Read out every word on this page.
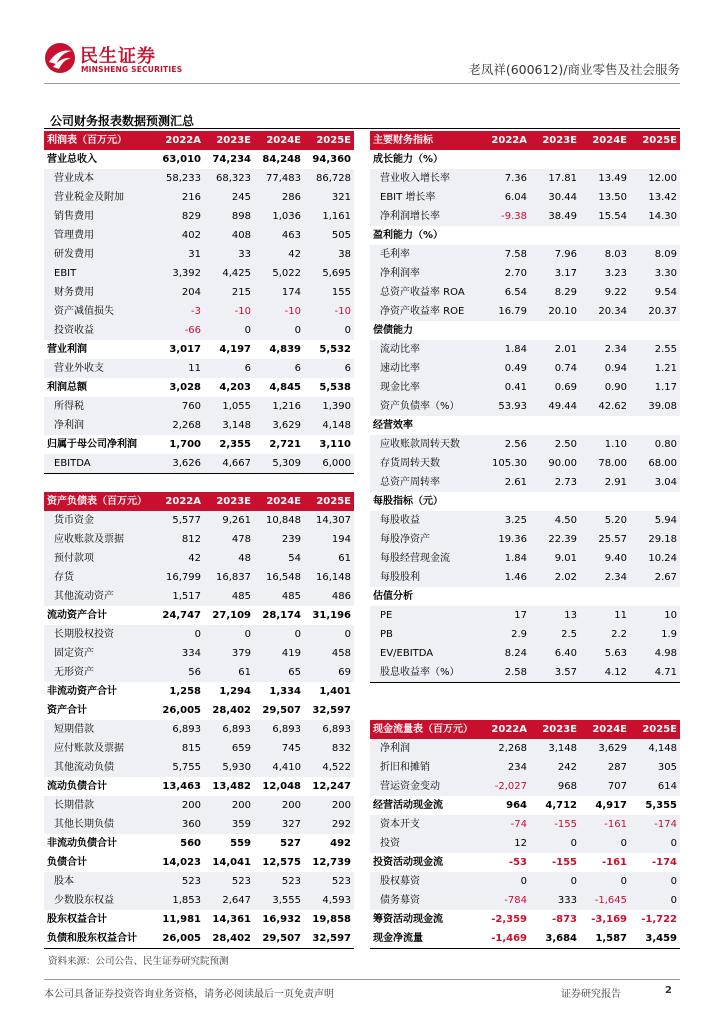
民生证券
MINSHENG SECURITIES	老凤祥(600612)/商业零售及社会服务
公司财务报表数据预测汇总
利润表（百万元）	2022A	2023E	2024E	2025E
营业总收入	63,010	74,234	84,248	94,360
营业成本	58,233	68,323	77,483	86,728
营业税金及附加	216	245	286	321
销售费用	829	898	1,036	1,161
管理费用	402	408	463	505
研发费用	31	33	42	38
EBIT	3,392	4,425	5,022	5,695
财务费用	204	215	174	155
资产减值损失	-3	-10	-10	-10
投资收益	-66	0	0	0
营业利润	3,017	4,197	4,839	5,532
营业外收支	11	6	6	6
利润总额	3,028	4,203	4,845	5,538
所得税	760	1,055	1,216	1,390
净利润	2,268	3,148	3,629	4,148
归属于母公司净利润	1,700	2,355	2,721	3,110
EBITDA	3,626	4,667	5,309	6,000
资产负债表（百万元）	2022A	2023E	2024E	2025E
货币资金	5,577	9,261	10,848	14,307
应收账款及票据	812	478	239	194
预付款项	42	48	54	61
存货	16,799	16,837	16,548	16,148
其他流动资产	1,517	485	485	486
流动资产合计	24,747	27,109	28,174	31,196
长期股权投资	0	0	0	0
固定资产	334	379	419	458
无形资产	56	61	65	69
非流动资产合计	1,258	1,294	1,334	1,401
资产合计	26,005	28,402	29,507	32,597
短期借款	6,893	6,893	6,893	6,893
应付账款及票据	815	659	745	832
其他流动负债	5,755	5,930	4,410	4,522
流动负债合计	13,463	13,482	12,048	12,247
长期借款	200	200	200	200
其他长期负债	360	359	327	292
非流动负债合计	560	559	527	492
负债合计	14,023	14,041	12,575	12,739
股本	523	523	523	523
少数股东权益	1,853	2,647	3,555	4,593
股东权益合计	11,981	14,361	16,932	19,858
负债和股东权益合计	26,005	28,402	29,507	32,597
主要财务指标	2022A	2023E	2024E	2025E
成长能力（%）				
营业收入增长率	7.36	17.81	13.49	12.00
EBIT 增长率	6.04	30.44	13.50	13.42
净利润增长率	-9.38	38.49	15.54	14.30
盈利能力（%）				
毛利率	7.58	7.96	8.03	8.09
净利润率	2.70	3.17	3.23	3.30
总资产收益率 ROA	6.54	8.29	9.22	9.54
净资产收益率 ROE	16.79	20.10	20.34	20.37
偿债能力				
流动比率	1.84	2.01	2.34	2.55
速动比率	0.49	0.74	0.94	1.21
现金比率	0.41	0.69	0.90	1.17
资产负债率（%）	53.93	49.44	42.62	39.08
经营效率				
应收账款周转天数	2.56	2.50	1.10	0.80
存货周转天数	105.30	90.00	78.00	68.00
总资产周转率	2.61	2.73	2.91	3.04
每股指标（元）				
每股收益	3.25	4.50	5.20	5.94
每股净资产	19.36	22.39	25.57	29.18
每股经营现金流	1.84	9.01	9.40	10.24
每股股利	1.46	2.02	2.34	2.67
估值分析				
PE	17	13	11	10
PB	2.9	2.5	2.2	1.9
EV/EBITDA	8.24	6.40	5.63	4.98
股息收益率（%）	2.58	3.57	4.12	4.71
现金流量表（百万元）	2022A	2023E	2024E	2025E
净利润	2,268	3,148	3,629	4,148
折旧和摊销	234	242	287	305
营运资金变动	-2,027	968	707	614
经营活动现金流	964	4,712	4,917	5,355
资本开支	-74	-155	-161	-174
投资	12	0	0	0
投资活动现金流	-53	-155	-161	-174
股权募资	0	0	0	0
债务募资	-784	333	-1,645	0
筹资活动现金流	-2,359	-873	-3,169	-1,722
现金净流量	-1,469	3,684	1,587	3,459
资料来源：公司公告、民生证券研究院预测
本公司具备证券投资咨询业务资格，请务必阅读最后一页免责声明	证券研究报告	2
